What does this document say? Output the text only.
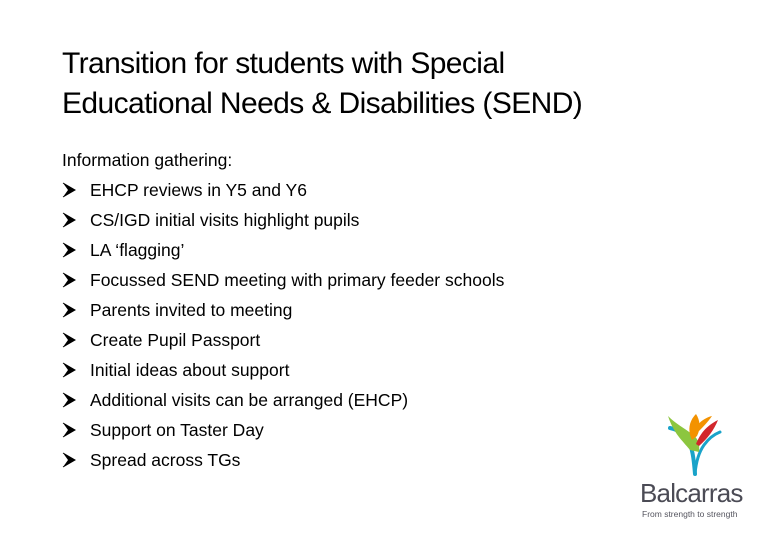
Transition for students with Special
Educational Needs & Disabilities (SEND)
Information gathering:
EHCP reviews in Y5 and Y6
CS/IGD initial visits highlight pupils
LA ‘flagging’
Focussed SEND meeting with primary feeder schools
Parents invited to meeting
Create Pupil Passport
Initial ideas about support
Additional visits can be arranged (EHCP)
Support on Taster Day
Spread across TGs
Balcarras
From strength to strength
